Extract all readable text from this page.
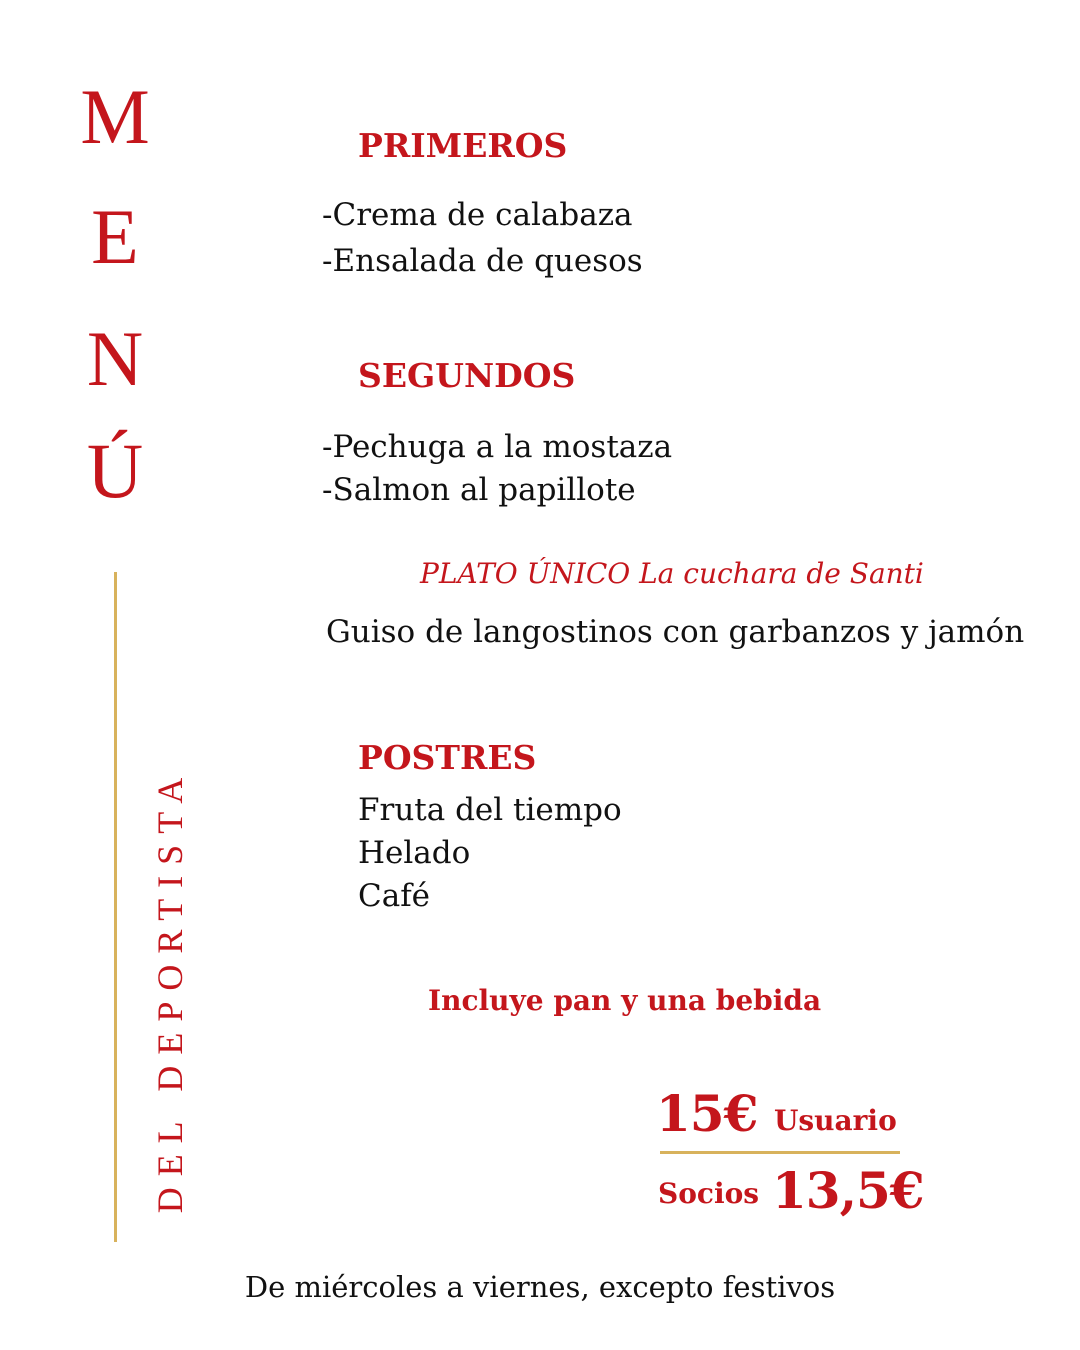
M
E
N
Ú
DEL DEPORTISTA
PRIMEROS
-Crema de calabaza
-Ensalada de quesos
SEGUNDOS
-Pechuga a la mostaza
-Salmon al papillote
PLATO ÚNICO La cuchara de Santi
Guiso de langostinos con garbanzos y jamón
POSTRES
Fruta del tiempo
Helado
Café
Incluye pan y una bebida
15€ Usuario
Socios 13,5€
De miércoles a viernes, excepto festivos
